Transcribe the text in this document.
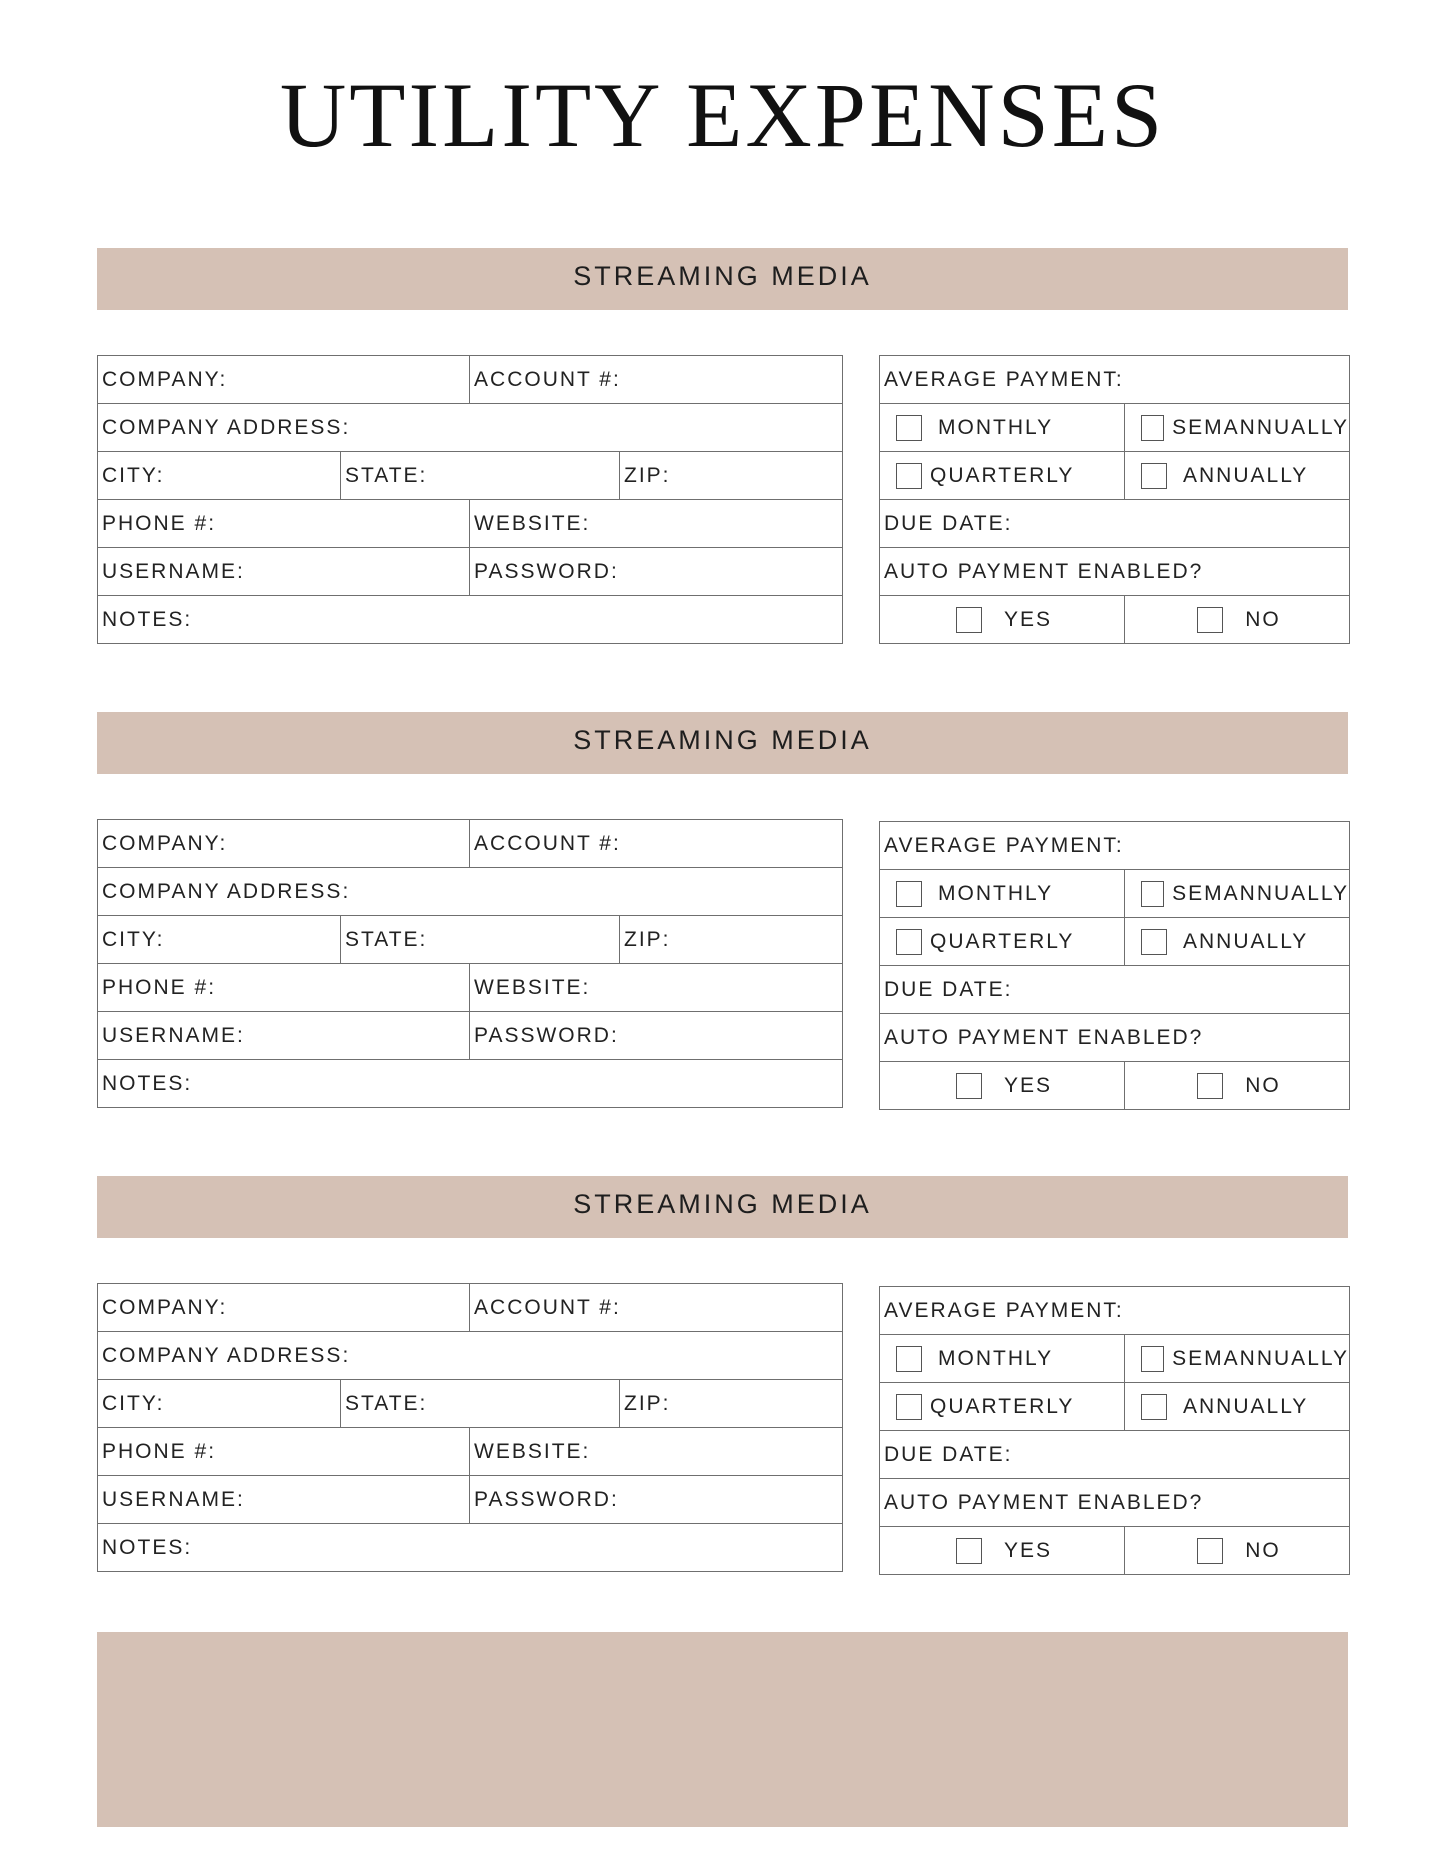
UTILITY EXPENSES
STREAMING MEDIA
COMPANY:		ACCOUNT #:	
COMPANY ADDRESS:			
CITY:	STATE:		ZIP:
PHONE #:		WEBSITE:	
USERNAME:		PASSWORD:	
NOTES:			
AVERAGE PAYMENT:	

MONTHLY	SEMANNUALLY

QUARTERLY	ANNUALLY

DUE DATE:	
AUTO PAYMENT ENABLED?	

YES	NO
STREAMING MEDIA
COMPANY:		ACCOUNT #:	
COMPANY ADDRESS:			
CITY:	STATE:		ZIP:
PHONE #:		WEBSITE:	
USERNAME:		PASSWORD:	
NOTES:			
AVERAGE PAYMENT:	

MONTHLY	SEMANNUALLY

QUARTERLY	ANNUALLY

DUE DATE:	
AUTO PAYMENT ENABLED?	

YES	NO
STREAMING MEDIA
COMPANY:		ACCOUNT #:	
COMPANY ADDRESS:			
CITY:	STATE:		ZIP:
PHONE #:		WEBSITE:	
USERNAME:		PASSWORD:	
NOTES:			
AVERAGE PAYMENT:	

MONTHLY	SEMANNUALLY

QUARTERLY	ANNUALLY

DUE DATE:	
AUTO PAYMENT ENABLED?	

YES	NO
